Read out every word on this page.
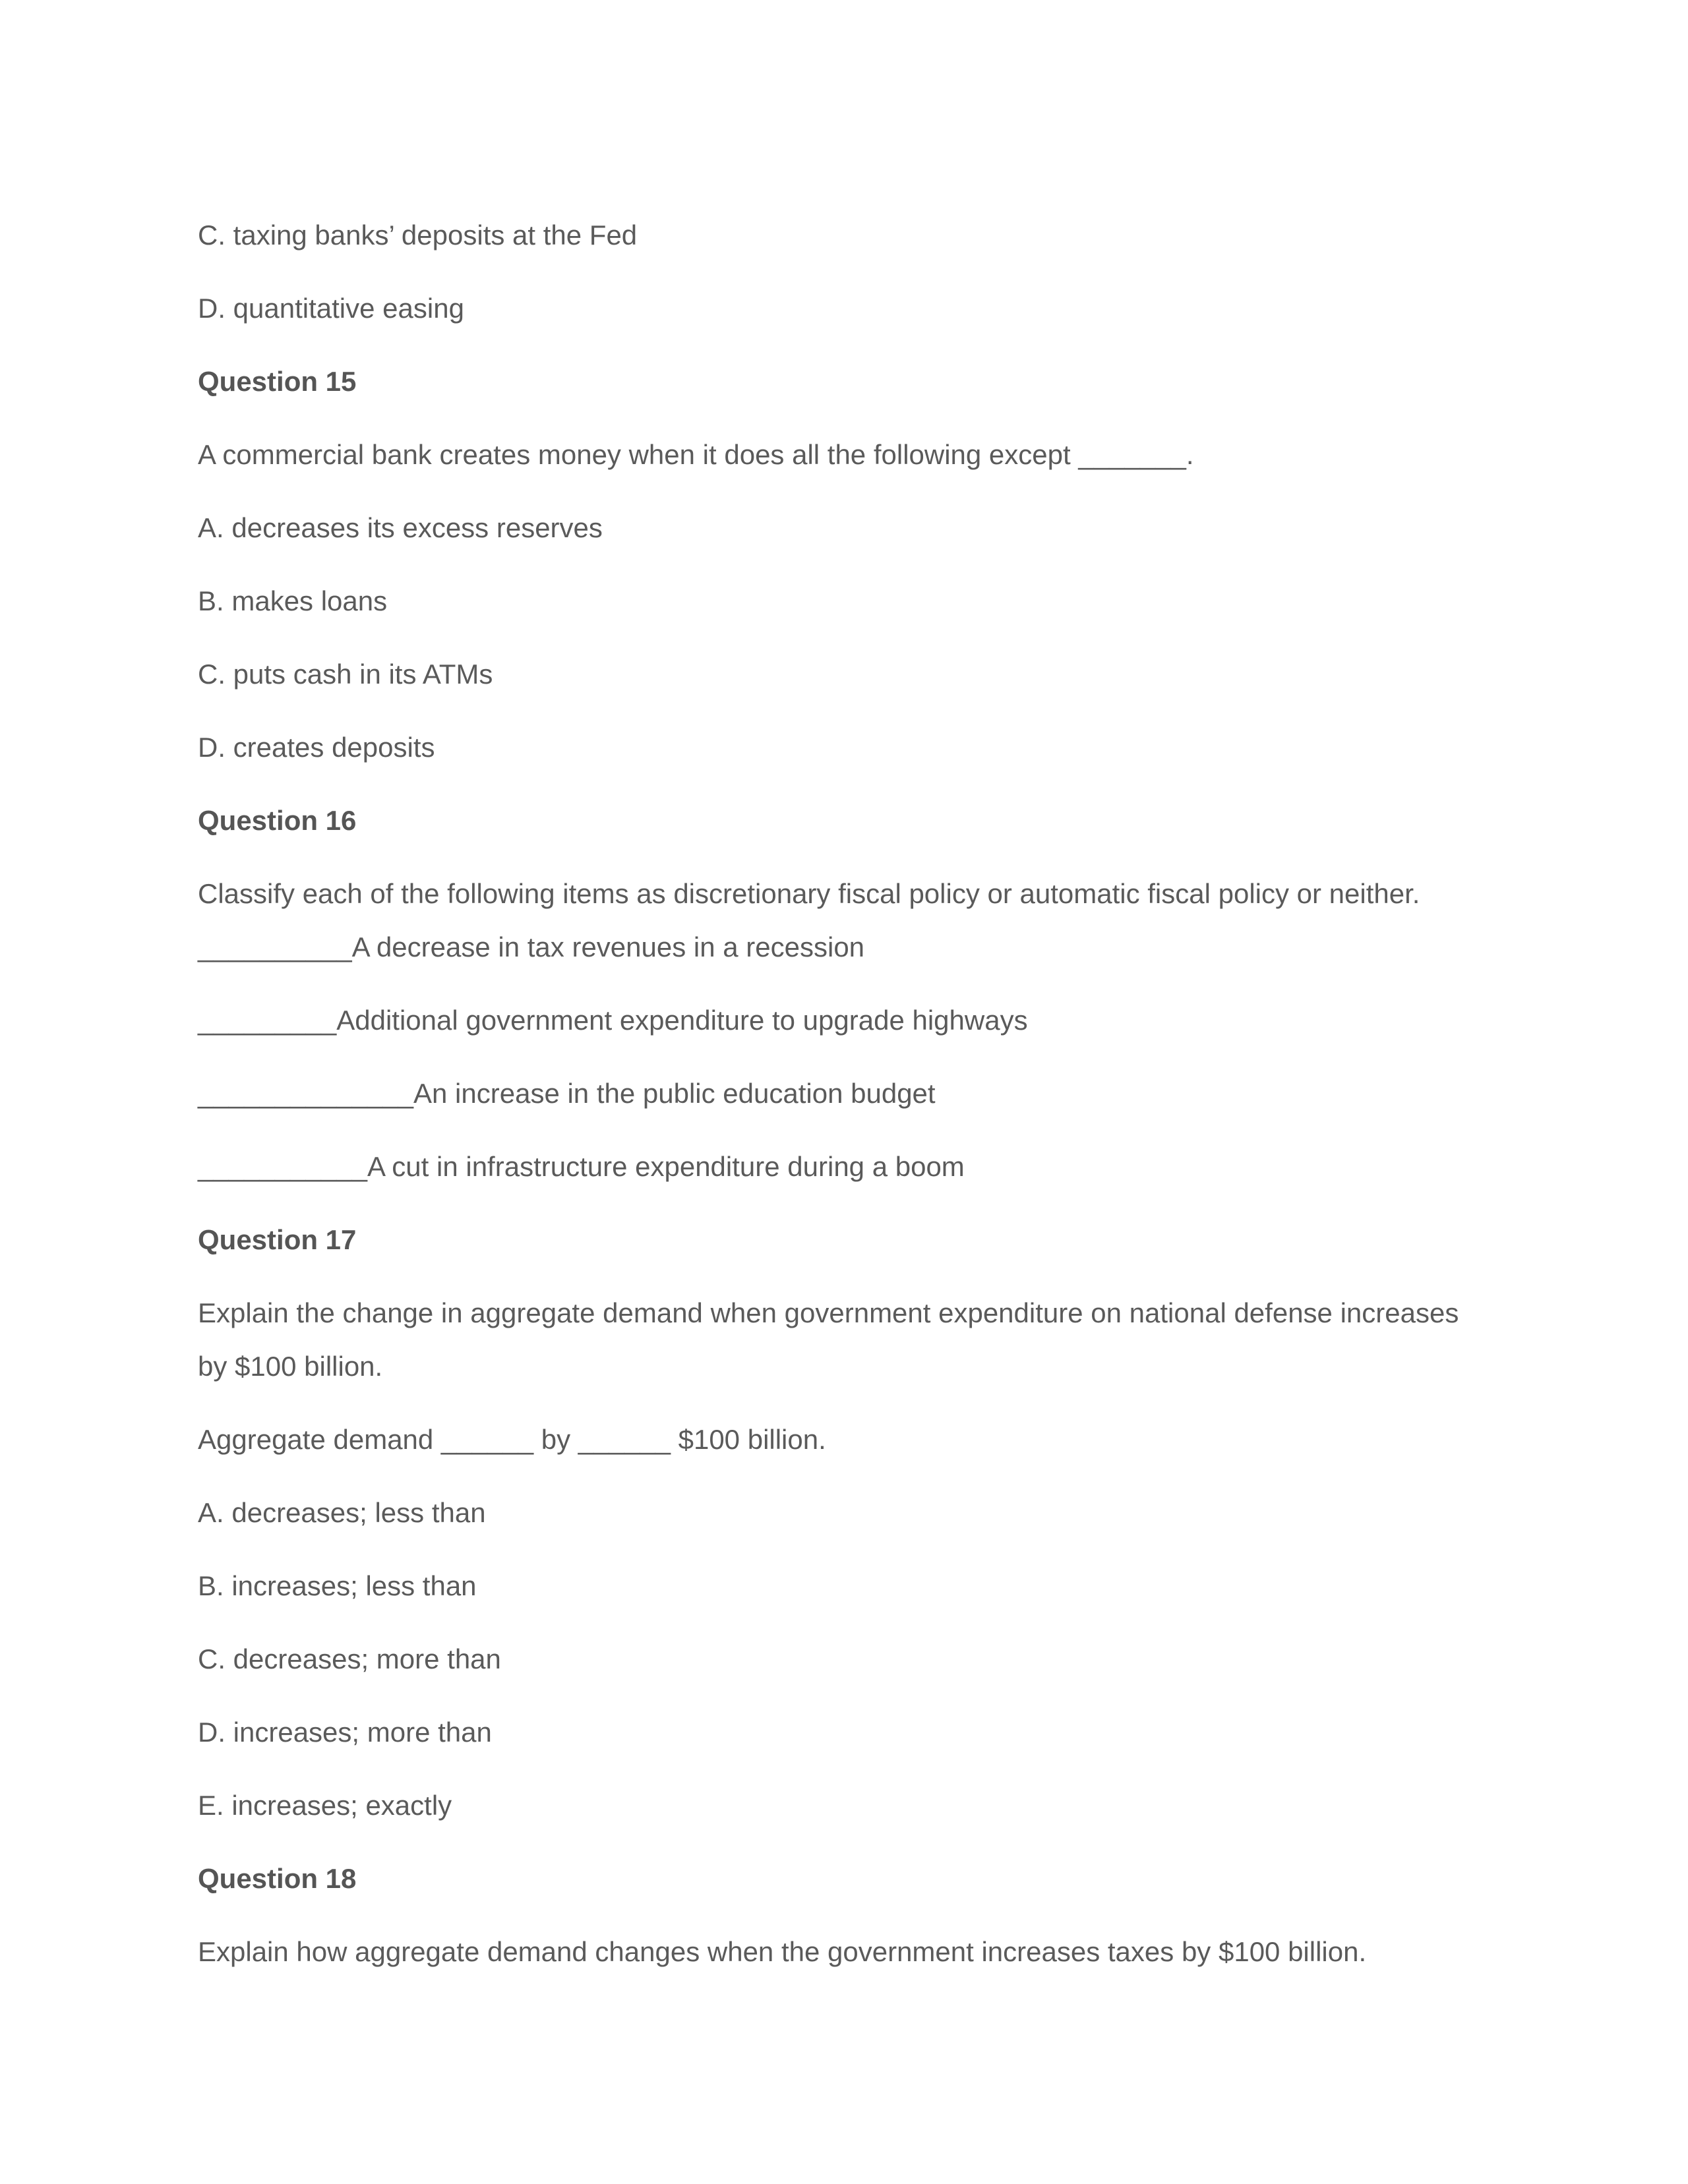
C. taxing banks’ deposits at the Fed

D. quantitative easing

Question 15

A commercial bank creates money when it does all the following except _______.

A. decreases its excess reserves

B. makes loans

C. puts cash in its ATMs

D. creates deposits

Question 16

Classify each of the following items as discretionary fiscal policy or automatic fiscal policy or neither.

__________A decrease in tax revenues in a recession

_________Additional government expenditure to upgrade highways

______________An increase in the public education budget

___________A cut in infrastructure expenditure during a boom

Question 17

Explain the change in aggregate demand when government expenditure on national defense increases

by $100 billion.

Aggregate demand ______ by ______ $100 billion.

A. decreases; less than

B. increases; less than

C. decreases; more than

D. increases; more than

E. increases; exactly

Question 18

Explain how aggregate demand changes when the government increases taxes by $100 billion.
